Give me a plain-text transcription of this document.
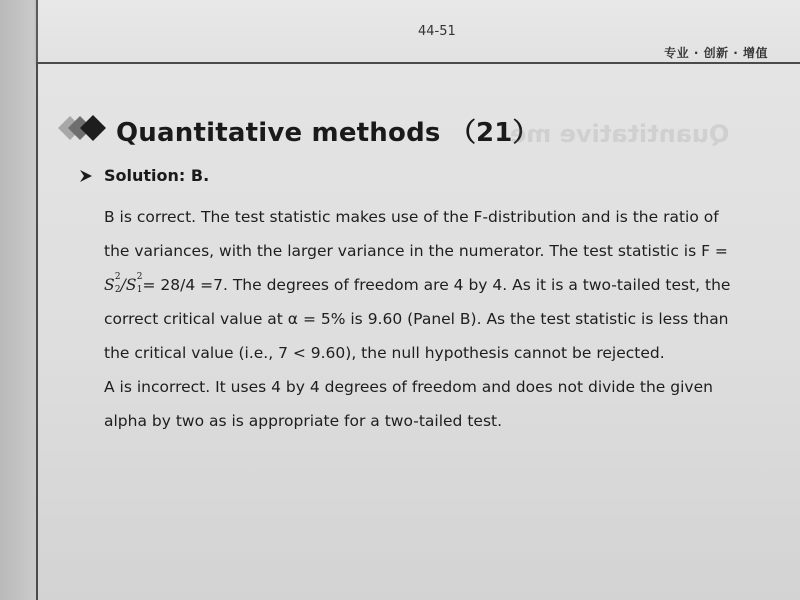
44-51
专业 · 创新 · 增值
Quantitative methods （21）
Solution: B.

B is correct. The test statistic makes use of the F-distribution and is the ratio of the variances, with the larger variance in the numerator. The test statistic is F = S 2
2 /S 2
1 = 28/4 =7. The degrees of freedom are 4 by 4. As it is a two-tailed test, the correct critical value at α = 5% is 9.60 (Panel B). As the test statistic is less than the critical value (i.e., 7 < 9.60), the null hypothesis cannot be rejected.

A is incorrect. It uses 4 by 4 degrees of freedom and does not divide the given alpha by two as is appropriate for a two-tailed test.

Quantitative me
